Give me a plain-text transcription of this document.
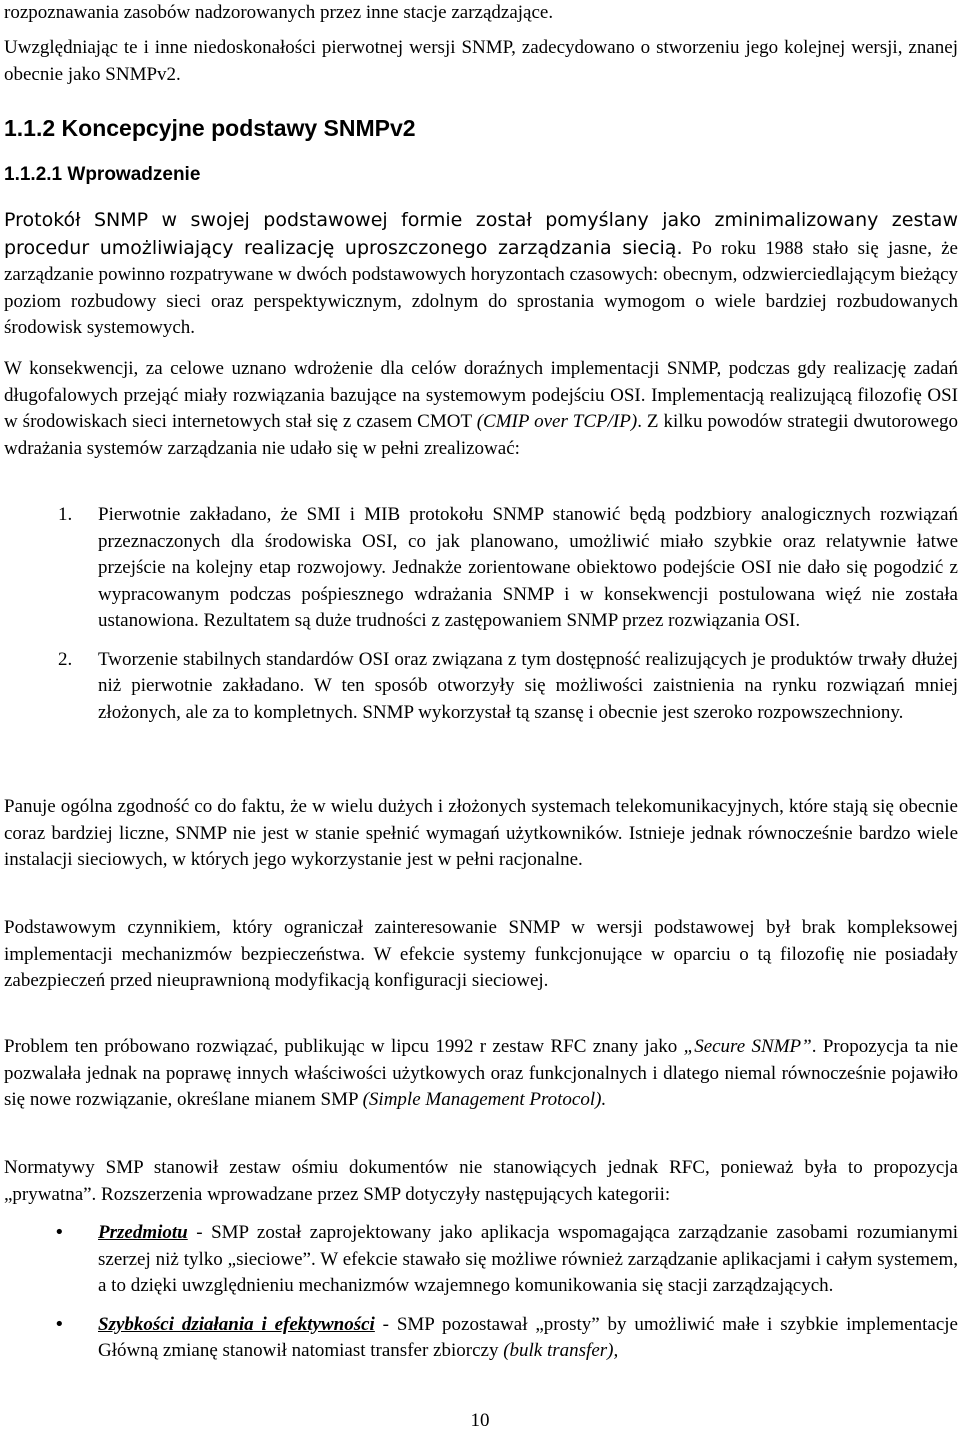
rozpoznawania zasobów nadzorowanych przez inne stacje zarządzające.

Uwzględniając te i inne niedoskonałości pierwotnej wersji SNMP, zadecydowano o stworzeniu jego kolejnej wersji, znanej obecnie jako SNMPv2.

1.1.2 Koncepcyjne podstawy SNMPv2
1.1.2.1 Wprowadzenie

Protokół SNMP w swojej podstawowej formie został pomyślany jako zminimalizowany zestaw procedur umożliwiający realizację uproszczonego zarządzania siecią. Po roku 1988 stało się jasne, że zarządzanie powinno rozpatrywane w dwóch podstawowych horyzontach czasowych: obecnym, odzwierciedlającym bieżący poziom rozbudowy sieci oraz perspektywicznym, zdolnym do sprostania wymogom o wiele bardziej rozbudowanych środowisk systemowych.

W konsekwencji, za celowe uznano wdrożenie dla celów doraźnych implementacji SNMP, podczas gdy realizację zadań długofalowych przejąć miały rozwiązania bazujące na systemowym podejściu OSI. Implementacją realizującą filozofię OSI w środowiskach sieci internetowych stał się z czasem CMOT (CMIP over TCP/IP). Z kilku powodów strategii dwutorowego wdrażania systemów zarządzania nie udało się w pełni zrealizować:

1. Pierwotnie zakładano, że SMI i MIB protokołu SNMP stanowić będą podzbiory analogicznych rozwiązań przeznaczonych dla środowiska OSI, co jak planowano, umożliwić miało szybkie oraz relatywnie łatwe przejście na kolejny etap rozwojowy. Jednakże zorientowane obiektowo podejście OSI nie dało się pogodzić z wypracowanym podczas pośpiesznego wdrażania SNMP i w konsekwencji postulowana więź nie została ustanowiona. Rezultatem są duże trudności z zastępowaniem SNMP przez rozwiązania OSI.
2. Tworzenie stabilnych standardów OSI oraz związana z tym dostępność realizujących je produktów trwały dłużej niż pierwotnie zakładano. W ten sposób otworzyły się możliwości zaistnienia na rynku rozwiązań mniej złożonych, ale za to kompletnych. SNMP wykorzystał tą szansę i obecnie jest szeroko rozpowszechniony.

Panuje ogólna zgodność co do faktu, że w wielu dużych i złożonych systemach telekomunikacyjnych, które stają się obecnie coraz bardziej liczne, SNMP nie jest w stanie spełnić wymagań użytkowników. Istnieje jednak równocześnie bardzo wiele instalacji sieciowych, w których jego wykorzystanie jest w pełni racjonalne.

Podstawowym czynnikiem, który ograniczał zainteresowanie SNMP w wersji podstawowej był brak kompleksowej implementacji mechanizmów bezpieczeństwa. W efekcie systemy funkcjonujące w oparciu o tą filozofię nie posiadały zabezpieczeń przed nieuprawnioną modyfikacją konfiguracji sieciowej.

Problem ten próbowano rozwiązać, publikując w lipcu 1992 r zestaw RFC znany jako „Secure SNMP”. Propozycja ta nie pozwalała jednak na poprawę innych właściwości użytkowych oraz funkcjonalnych i dlatego niemal równocześnie pojawiło się nowe rozwiązanie, określane mianem SMP (Simple Management Protocol).

Normatywy SMP stanowił zestaw ośmiu dokumentów nie stanowiących jednak RFC, ponieważ była to propozycja „prywatna”. Rozszerzenia wprowadzane przez SMP dotyczyły następujących kategorii:

• Przedmiotu - SMP został zaprojektowany jako aplikacja wspomagająca zarządzanie zasobami rozumianymi szerzej niż tylko „sieciowe”. W efekcie stawało się możliwe również zarządzanie aplikacjami i całym systemem, a to dzięki uwzględnieniu mechanizmów wzajemnego komunikowania się stacji zarządzających.
• Szybkości działania i efektywności - SMP pozostawał „prosty” by umożliwić małe i szybkie implementacje Główną zmianę stanowił natomiast transfer zbiorczy (bulk transfer),
10
